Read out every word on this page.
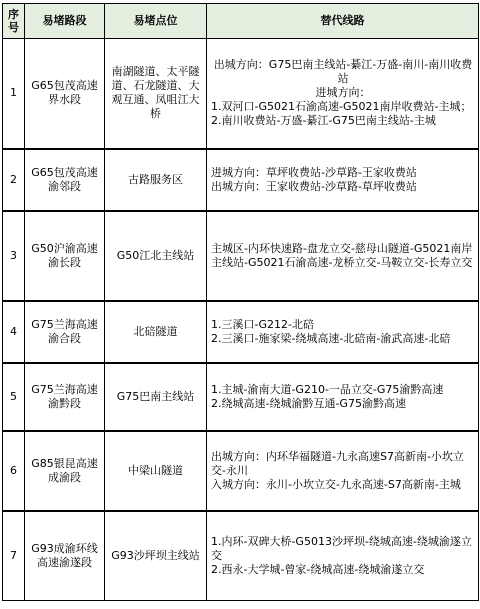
序号	易堵路段	易堵点位	替代线路
1	G65包茂高速界水段	南湖隧道、太平隧道、石龙隧道、大观互通、凤咀江大桥	出城方向：G75巴南主线站-綦江-万盛-南川-南川收费站
进城方向：
1.双河口-G5021石渝高速-G5021南岸收费站-主城；
2.南川收费站-万盛-綦江-G75巴南主线站-主城

2	G65包茂高速渝邻段	古路服务区	进城方向：草坪收费站-沙草路-王家收费站
出城方向：王家收费站-沙草路-草坪收费站

3	G50沪渝高速渝长段	G50江北主线站	主城区-内环快速路-盘龙立交-慈母山隧道-G5021南岸主线站-G5021石渝高速-龙桥立交-马鞍立交-长寿立交

4	G75兰海高速渝合段	北碚隧道	1.三溪口-G212-北碚
2.三溪口-施家梁-绕城高速-北碚南-渝武高速-北碚

5	G75兰海高速渝黔段	G75巴南主线站	1.主城-渝南大道-G210-一品立交-G75渝黔高速
2.绕城高速-绕城渝黔互通-G75渝黔高速

6	G85银昆高速成渝段	中梁山隧道	出城方向：内环华福隧道-九永高速S7高新南-小坎立交-永川
入城方向：永川-小坎立交-九永高速-S7高新南-主城

7	G93成渝环线高速渝遂段	G93沙坪坝主线站	1.内环-双碑大桥-G5013沙坪坝-绕城高速-绕城渝遂立交
2.西永-大学城-曾家-绕城高速-绕城渝遂立交
